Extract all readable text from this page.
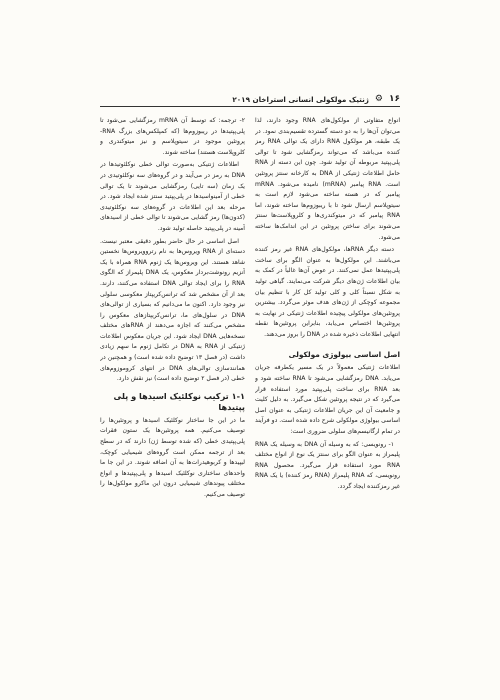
۱۶
⚙
ژنتیک مولکولی انسانی استراخان ۲۰۱۹

انواع متفاوتی از مولکول‌های RNA وجود دارند، لذا می‌توان آن‌ها را به دو دسته گسترده تقسیم‌بندی نمود. در یک طبقه، هر مولکول RNA دارای یک توالی RNA رمز کننده می‌باشد که می‌تواند رمزگشایی شود تا توالی پلی‌پپتید مربوطه آن تولید شود. چون این دسته از RNA حامل اطلاعات ژنتیکی از DNA به کارخانه سنتز پروتئین است. RNA پیامبر (mRNA) نامیده می‌شود. mRNA پیامبر که در هسته ساخته می‌شود لازم است به سیتوپلاسم ارسال شود تا با ریبوزوم‌ها ساخته شوند، اما RNA پیامبر که در میتوکندری‌ها و کلروپلاست‌ها سنتز می‌شوند برای ساختن پروتئین در این اندامک‌ها ساخته می‌شود.

دسته دیگر RNAها، مولکول‌های RNA غیر رمز کننده می‌باشند. این مولکول‌ها به عنوان الگو برای ساخت پلی‌پپتیدها عمل نمی‌کنند. در عوض آن‌ها غالباً در کمک به بیان اطلاعات ژن‌های دیگر شرکت می‌نمایند. گیاهی تولید به شکل نسبتاً کلی و کلی تولید کل کار با تنظیم بیان مجموعه کوچکی از ژن‌های هدف موثر می‌گردد. بیشترین پروتئین‌های مولکولی پیچیده اطلاعات ژنتیکی در نهایت به پروتئین‌ها اختصاص می‌یابد، بنابراین پروتئین‌ها نقطه انتهایی اطلاعات ذخیره شده در DNA را بروز می‌دهند.

اصل اساسی بیولوژی مولکولی

اطلاعات ژنتیکی معمولاً در یک مسیر یکطرفه جریان می‌یابد. DNA رمزگشایی می‌شود تا RNA ساخته شود و بعد RNA برای ساخت پلی‌پپتید مورد استفاده قرار می‌گیرد که در نتیجه پروتئین شکل می‌گیرد. به دلیل کلیت و جامعیت آن این جریان اطلاعات ژنتیکی به عنوان اصل اساسی بیولوژی مولکولی شرح داده شده است. دو فرآیند در تمام ارگانیسم‌های سلولی ضروری است:

۱- رونویسی: که به وسیله آن DNA به وسیله یک RNA پلیمراز به عنوان الگو برای سنتز یک نوع از انواع مختلف RNA مورد استفاده قرار می‌گیرد. محصول RNA رونویسی، که RNA پلیمراز (RNA رمز کننده) یا یک RNA غیر رمزکننده ایجاد گردد.

۲- ترجمه: که توسط آن mRNA رمزگشایی می‌شود تا پلی‌پپتیدها در ریبوزوم‌ها (که کمپلکس‌های بزرگ RNA- پروتئین موجود در سیتوپلاسم و نیز میتوکندری و کلروپلاست هستند) ساخته شوند.

اطلاعات ژنتیکی به‌صورت توالی خطی نوکلئوتیدها در DNA به رمز در می‌آیند و در گروه‌های سه نوکلئوتیدی در یک زمان (سه تایی) رمزگشایی می‌شوند تا یک توالی خطی از آمینواسیدها در پلی‌پپتید سنتز شده ایجاد شود. در مرحله بعد این اطلاعات در گروه‌های سه نوکلئوتیدی (کدون‌ها) رمز گشایی می‌شوند تا توالی خطی از اسیدهای آمینه در پلی‌پپتید حاصله تولید شود.

اصل اساسی در حال حاضر بطور دقیقی معتبر نیست. دسته‌ای از RNA ویروس‌ها به نام رتروویروس‌ها نخستین شاهد هستند. این ویروس‌ها یک ژنوم RNA همراه با یک آنزیم رونوشت‌بردار معکوس، یک DNA پلیمراز که الگوی RNA را برای ایجاد توالی DNA استفاده می‌کنند، دارند. بعد از آن مشخص شد که ترانس‌کریپتاز معکوسی سلولی نیز وجود دارد. اکنون ما می‌دانیم که بسیاری از توالی‌های DNA در سلول‌های ما، ترانس‌کریپتازهای معکوس را مشخص می‌کنند که اجازه می‌دهند از RNAهای مختلف نسخه‌هایی DNA ایجاد شود. این جریان معکوس اطلاعات ژنتیکی از RNA به DNA در تکامل ژنوم ما سهم زیادی داشت (در فصل ۱۳ توضیح داده شده است) و همچنین در همانندسازی توالی‌های DNA در انتهای کروموزوم‌های خطی (در فصل ۲ توضیح داده است) نیز نقش دارد.

۱-۱ ترکیب نوکلئیک اسیدها و پلی پپتیدها

ما در این جا ساختار نوکلئیک اسیدها و پروتئین‌ها را توصیف می‌کنیم. همه پروتئین‌ها یک ستون فقرات پلی‌پپتیدی خطی (که شده توسط ژن) دارند که در سطح بعد از ترجمه ممکن است گروه‌های شیمیایی کوچک، لیپیدها و کربوهیدرات‌ها به آن اضافه شوند. در این جا ما واحدهای ساختاری نوکلئیک اسیدها و پلی‌پپتیدها و انواع مختلف پیوندهای شیمیایی درون این ماکرو مولکول‌ها را توصیف می‌کنیم.
